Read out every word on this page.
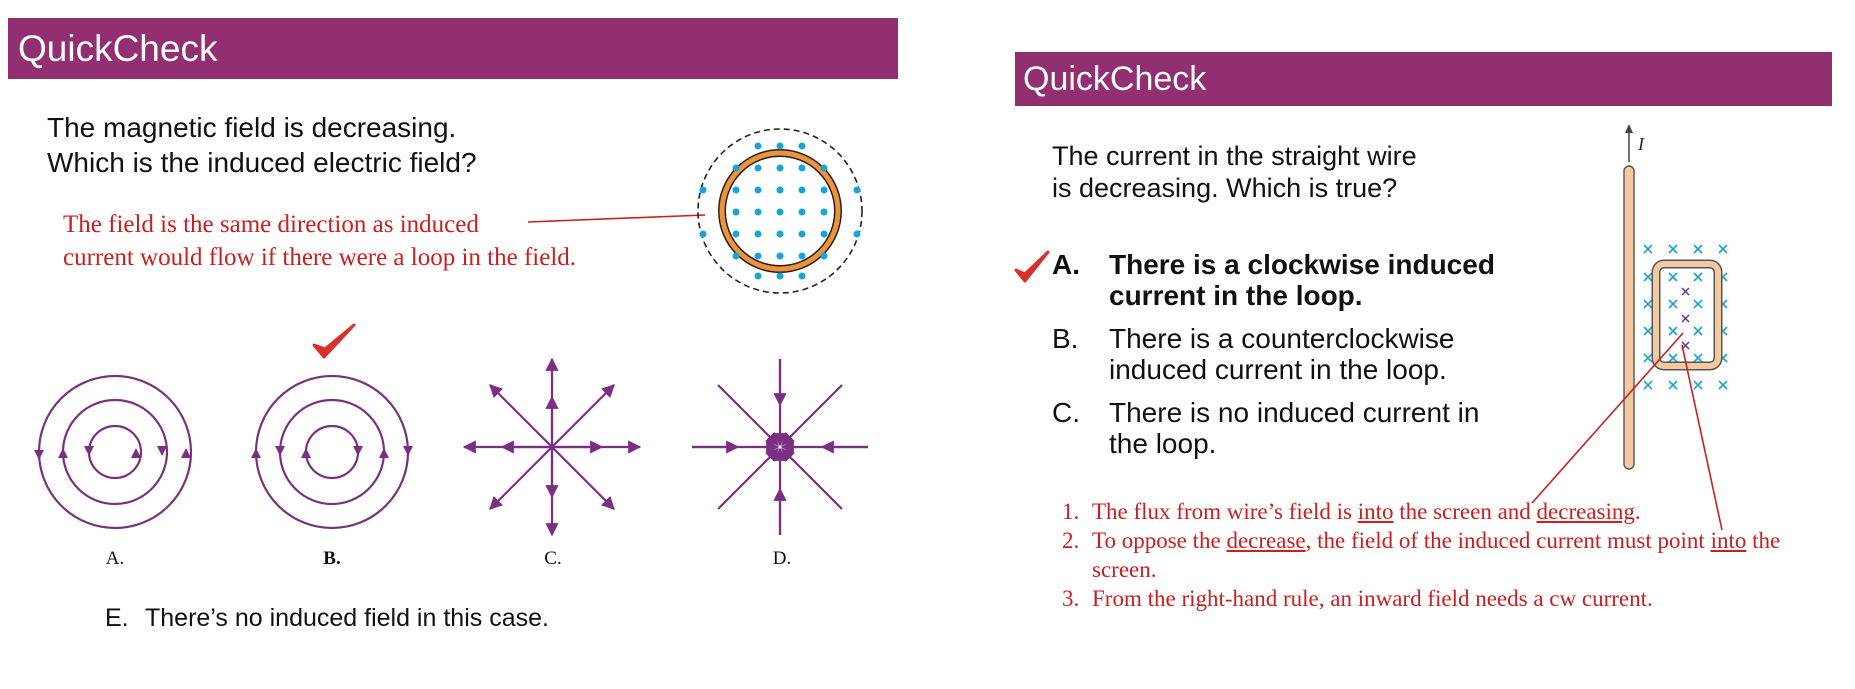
QuickCheck
The magnetic field is decreasing.
Which is the induced electric field?
The field is the same direction as induced
current would flow if there were a loop in the field.
A.	B.	C.	D.
E. There’s no induced field in this case.
QuickCheck
The current in the straight wire
is decreasing. Which is true?
A.	There is a clockwise induced current in the loop.
B.	There is a counterclockwise induced current in the loop.
C.	There is no induced current in the loop.
I
1. The flux from wire’s field is into the screen and decreasing.
2. To oppose the decrease, the field of the induced current must point into the screen.
3. From the right-hand rule, an inward field needs a cw current.
